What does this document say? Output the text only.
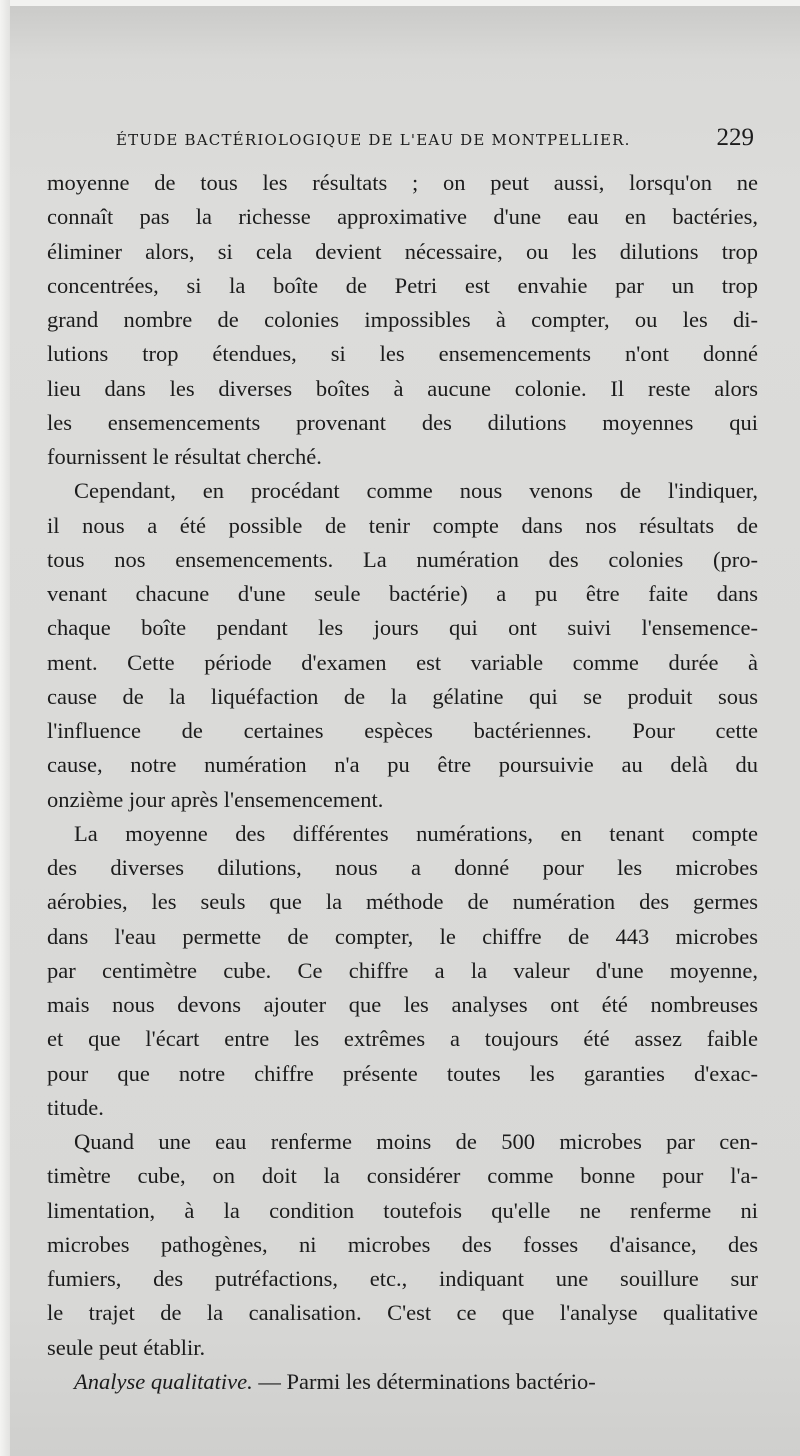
ÉTUDE BACTÉRIOLOGIQUE DE L'EAU DE MONTPELLIER.	229
moyenne de tous les résultats ; on peut aussi, lorsqu'on ne
connaît pas la richesse approximative d'une eau en bactéries,
éliminer alors, si cela devient nécessaire, ou les dilutions trop
concentrées, si la boîte de Petri est envahie par un trop
grand nombre de colonies impossibles à compter, ou les di-
lutions trop étendues, si les ensemencements n'ont donné
lieu dans les diverses boîtes à aucune colonie. Il reste alors
les ensemencements provenant des dilutions moyennes qui
fournissent le résultat cherché.
Cependant, en procédant comme nous venons de l'indiquer,
il nous a été possible de tenir compte dans nos résultats de
tous nos ensemencements. La numération des colonies (pro-
venant chacune d'une seule bactérie) a pu être faite dans
chaque boîte pendant les jours qui ont suivi l'ensemence-
ment. Cette période d'examen est variable comme durée à
cause de la liquéfaction de la gélatine qui se produit sous
l'influence de certaines espèces bactériennes. Pour cette
cause, notre numération n'a pu être poursuivie au delà du
onzième jour après l'ensemencement.
La moyenne des différentes numérations, en tenant compte
des diverses dilutions, nous a donné pour les microbes
aérobies, les seuls que la méthode de numération des germes
dans l'eau permette de compter, le chiffre de 443 microbes
par centimètre cube. Ce chiffre a la valeur d'une moyenne,
mais nous devons ajouter que les analyses ont été nombreuses
et que l'écart entre les extrêmes a toujours été assez faible
pour que notre chiffre présente toutes les garanties d'exac-
titude.
Quand une eau renferme moins de 500 microbes par cen-
timètre cube, on doit la considérer comme bonne pour l'a-
limentation, à la condition toutefois qu'elle ne renferme ni
microbes pathogènes, ni microbes des fosses d'aisance, des
fumiers, des putréfactions, etc., indiquant une souillure sur
le trajet de la canalisation. C'est ce que l'analyse qualitative
seule peut établir.
Analyse qualitative. — Parmi les déterminations bactério-
